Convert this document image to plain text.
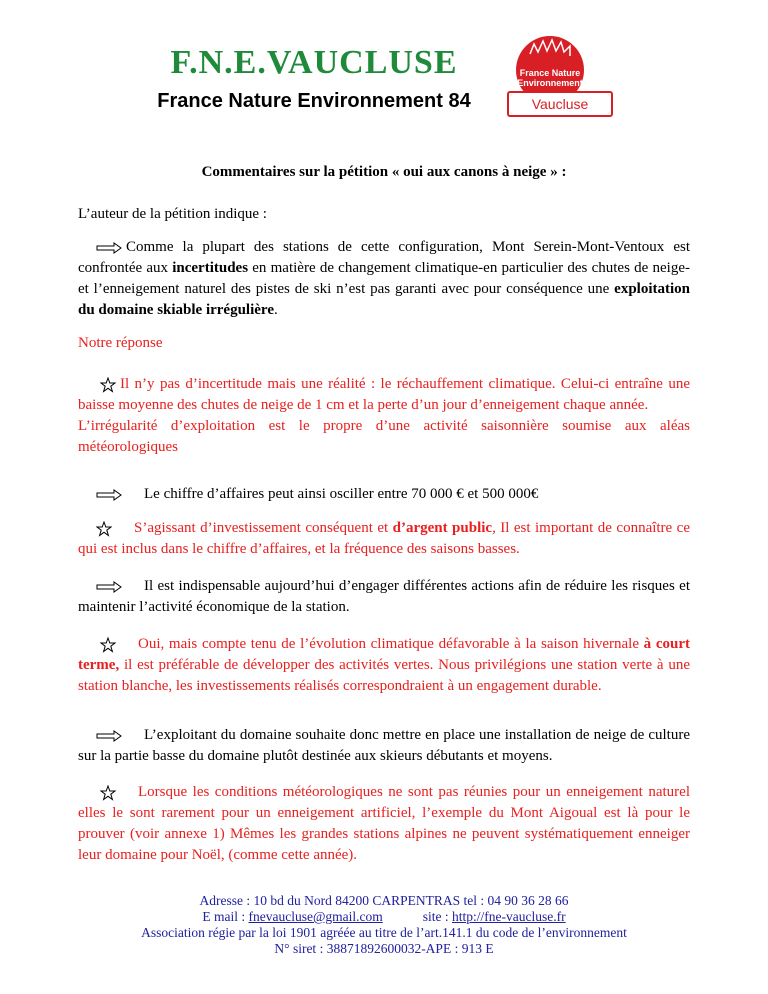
F.N.E.VAUCLUSE
France Nature Environnement 84
France Nature
Environnement
Vaucluse
Commentaires sur la pétition « oui aux canons à neige » :
L’auteur de la pétition indique :
Comme la plupart des stations de cette configuration, Mont Serein-Mont-Ventoux est confrontée aux incertitudes en matière de changement climatique-en particulier des chutes de neige- et l’enneigement naturel des pistes de ski n’est pas garanti avec pour conséquence une exploitation du domaine skiable irrégulière.
Notre réponse
Il n’y pas d’incertitude mais une réalité : le réchauffement climatique. Celui-ci entraîne une baisse moyenne des chutes de neige de 1 cm et la perte d’un jour d’enneigement chaque année.
L’irrégularité d’exploitation est le propre d’une activité saisonnière soumise aux aléas météorologiques
Le chiffre d’affaires peut ainsi osciller entre 70 000 € et 500 000€
S’agissant d’investissement conséquent et d’argent public, Il est important de connaître ce qui est inclus dans le chiffre d’affaires, et la fréquence des saisons basses.
Il est indispensable aujourd’hui d’engager différentes actions afin de réduire les risques et maintenir l’activité économique de la station.
Oui, mais compte tenu de l’évolution climatique défavorable à la saison hivernale à court terme, il est préférable de développer des activités vertes. Nous privilégions une station verte à une station blanche, les investissements réalisés correspondraient à un engagement durable.
L’exploitant du domaine souhaite donc mettre en place une installation de neige de culture sur la partie basse du domaine plutôt destinée aux skieurs débutants et moyens.
Lorsque les conditions météorologiques ne sont pas réunies pour un enneigement naturel elles le sont rarement pour un enneigement artificiel, l’exemple du Mont Aigoual est là pour le prouver (voir annexe 1) Mêmes les grandes stations alpines ne peuvent systématiquement enneiger leur domaine pour Noël, (comme cette année).
Adresse : 10 bd du Nord 84200 CARPENTRAS tel : 04 90 36 28 66
E mail : fnevaucluse@gmail.com	site : http://fne-vaucluse.fr
Association régie par la loi 1901 agréée au titre de l’art.141.1 du code de l’environnement
N° siret : 38871892600032-APE : 913 E
